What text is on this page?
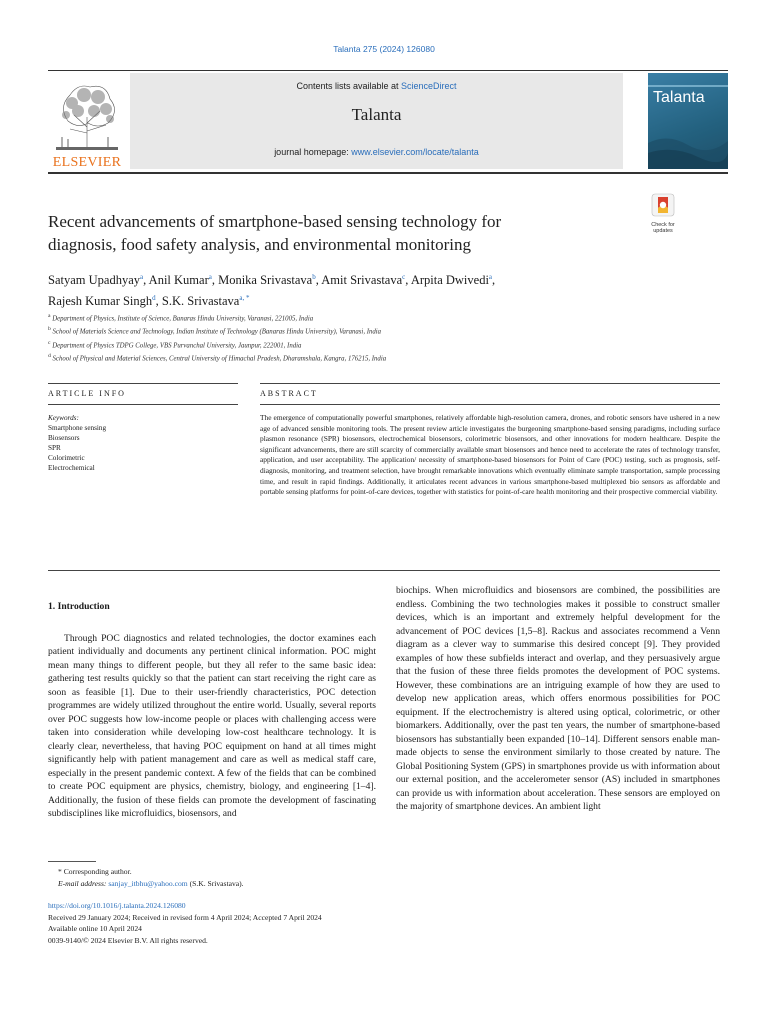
Talanta 275 (2024) 126080
ELSEVIER
Contents lists available at ScienceDirect
Talanta
journal homepage: www.elsevier.com/locate/talanta
Talanta
Recent advancements of smartphone-based sensing technology for
diagnosis, food safety analysis, and environmental monitoring
Check for
updates
Satyam Upadhyay$^a$, Anil Kumar$^a$, Monika Srivastava$^b$, Amit Srivastava$^c$, Arpita Dwivedi$^a$,
Rajesh Kumar Singh$^d$, S.K. Srivastava$^{a, *}$
$^a$ Department of Physics, Institute of Science, Banaras Hindu University, Varanasi, 221005, India
$^b$ School of Materials Science and Technology, Indian Institute of Technology (Banaras Hindu University), Varanasi, India
$^c$ Department of Physics TDPG College, VBS Purvanchal University, Jaunpur, 222001, India
$^d$ School of Physical and Material Sciences, Central University of Himachal Pradesh, Dharamshala, Kangra, 176215, India
ARTICLE INFO	ABSTRACT
Keywords:
Smartphone sensing
Biosensors
SPR
Colorimetric
Electrochemical
The emergence of computationally powerful smartphones, relatively affordable high-resolution camera, drones, and robotic sensors have ushered in a new age of advanced sensible monitoring tools. The present review article investigates the burgeoning smartphone-based sensing paradigms, including surface plasmon resonance (SPR) biosensors, electrochemical biosensors, colorimetric biosensors, and other innovations for modern healthcare. Despite the significant advancements, there are still scarcity of commercially available smart biosensors and hence need to accelerate the rates of technology transfer, application, and user acceptability. The application/ necessity of smartphone-based biosensors for Point of Care (POC) testing, such as prognosis, self-diagnosis, monitoring, and treatment selection, have brought remarkable innovations which eventually eliminate sample transportation, sample processing time, and result in rapid findings. Additionally, it articulates recent advances in various smartphone-based multiplexed bio sensors as affordable and portable sensing platforms for point-of-care devices, together with statistics for point-of-care health monitoring and their prospective commercial viability.
1. Introduction

Through POC diagnostics and related technologies, the doctor examines each patient individually and documents any pertinent clinical information. POC might mean many things to different people, but they all refer to the same basic idea: gathering test results quickly so that the patient can start receiving the right care as soon as feasible [1]. Due to their user-friendly characteristics, POC detection programmes are widely utilized throughout the entire world. Usually, several reports over POC suggests how low-income people or places with challenging access were taken into consideration while developing low-cost healthcare technology. It is clearly clear, nevertheless, that having POC equipment on hand at all times might significantly help with patient management and care as well as medical staff care, especially in the present pandemic context. A few of the fields that can be combined to create POC equipment are physics, chemistry, biology, and engineering [1–4]. Additionally, the fusion of these fields can promote the development of fascinating subdisciplines like microfluidics, biosensors, and

biochips. When microfluidics and biosensors are combined, the possibilities are endless. Combining the two technologies makes it possible to construct smaller devices, which is an important and extremely helpful development for the advancement of POC devices [1,5–8]. Rackus and associates recommend a Venn diagram as a clever way to summarise this desired concept [9]. They provided examples of how these subfields interact and overlap, and they persuasively argue that the fusion of these three fields promotes the development of POC systems. However, these combinations are an intriguing example of how they are used to develop new application areas, which offers enormous possibilities for POC equipment. If the electrochemistry is altered using optical, colorimetric, or other biomarkers. Additionally, over the past ten years, the number of smartphone-based biosensors has substantially been expanded [10–14]. Different sensors enable man-made objects to sense the environment similarly to those created by nature. The Global Positioning System (GPS) in smartphones provide us with information about our external position, and the accelerometer sensor (AS) included in smartphones can provide us with information about acceleration. These sensors are employed on the majority of smartphone devices. An ambient light

* Corresponding author.
E-mail address: sanjay_itbhu@yahoo.com (S.K. Srivastava).
https://doi.org/10.1016/j.talanta.2024.126080
Received 29 January 2024; Received in revised form 4 April 2024; Accepted 7 April 2024
Available online 10 April 2024
0039-9140/© 2024 Elsevier B.V. All rights reserved.
